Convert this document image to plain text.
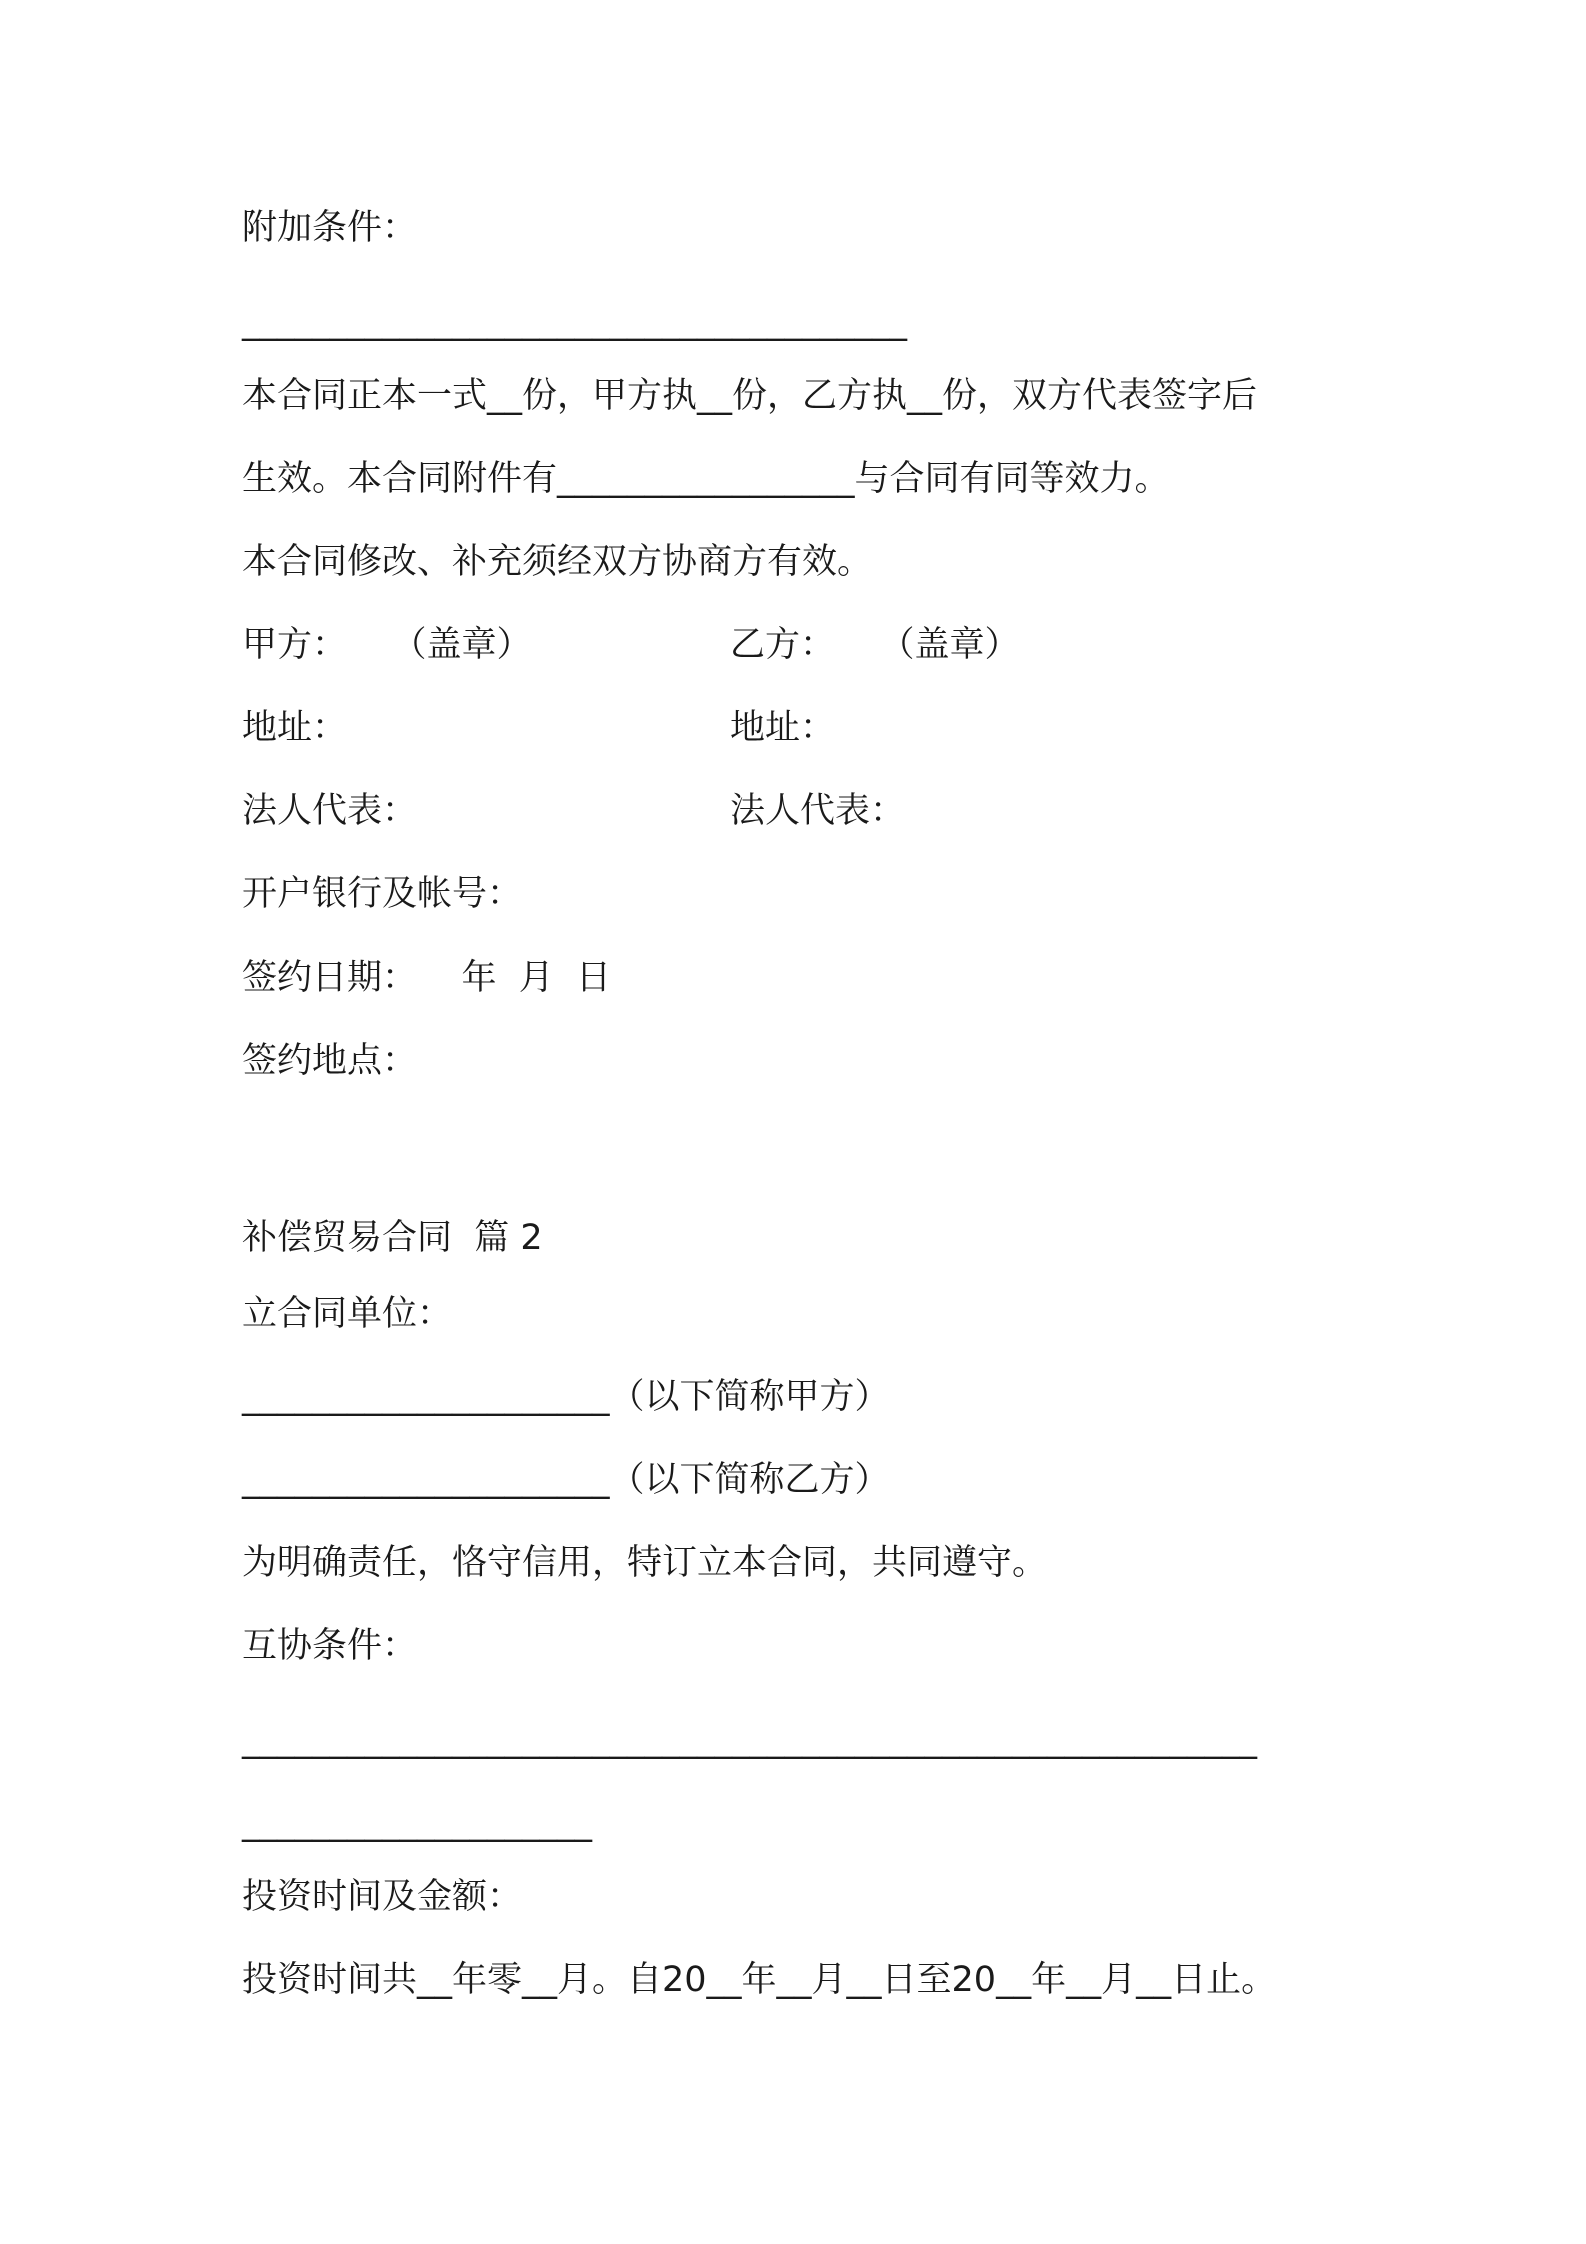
附加条件：
______________________________________
本合同正本一式__份，甲方执__份，乙方执__份，双方代表签字后
生效。本合同附件有_________________与合同有同等效力。
本合同修改、补充须经双方协商方有效。
甲方：    （盖章）	乙方：    （盖章）
地址：	地址：
法人代表：	法人代表：
开户银行及帐号：
签约日期：    年  月  日
签约地点：
补偿贸易合同  篇 2
立合同单位：
_____________________（以下简称甲方）
_____________________（以下简称乙方）
为明确责任，恪守信用，特订立本合同，共同遵守。
互协条件：
__________________________________________________________
____________________
投资时间及金额：
投资时间共__年零__月。自20__年__月__日至20__年__月__日止。
